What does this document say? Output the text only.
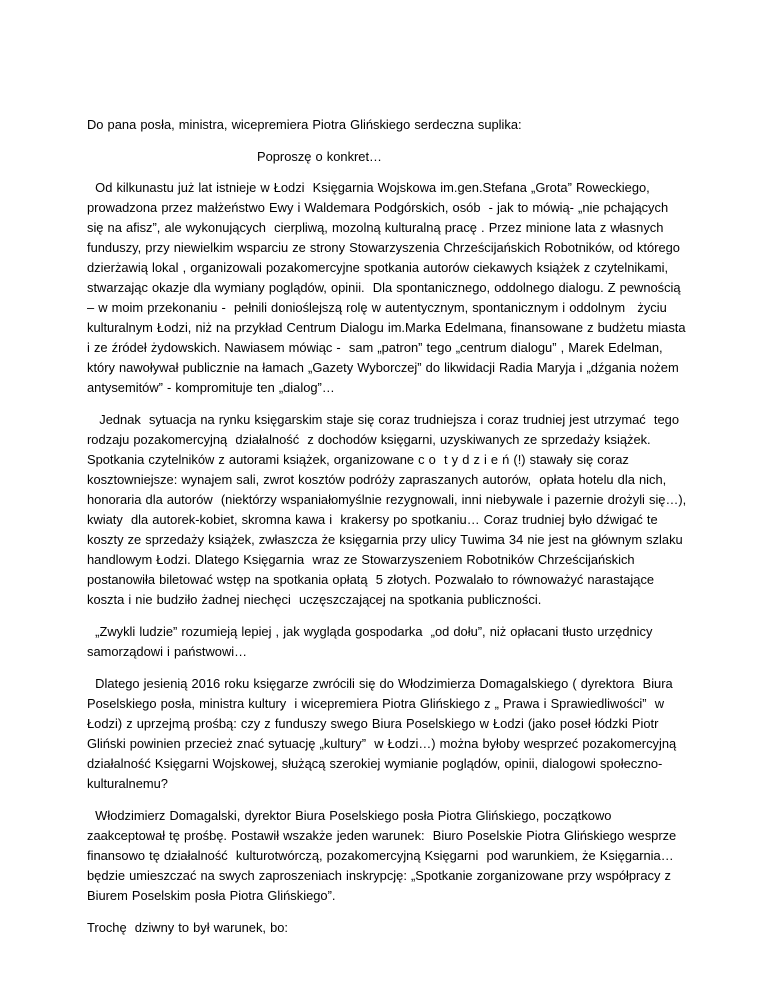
Do pana posła, ministra, wicepremiera Piotra Glińskiego serdeczna suplika:

Poproszę o konkret…

Od kilkunastu już lat istnieje w Łodzi  Księgarnia Wojskowa im.gen.Stefana „Grota” Roweckiego, prowadzona przez małżeństwo Ewy i Waldemara Podgórskich, osób  - jak to mówią- „nie pchających się na afisz”, ale wykonujących  cierpliwą, mozolną kulturalną pracę . Przez minione lata z własnych funduszy, przy niewielkim wsparciu ze strony Stowarzyszenia Chrześcijańskich Robotników, od którego dzierżawią lokal , organizowali pozakomercyjne spotkania autorów ciekawych książek z czytelnikami, stwarzając okazje dla wymiany poglądów, opinii.  Dla spontanicznego, oddolnego dialogu. Z pewnością – w moim przekonaniu -  pełnili donioślejszą rolę w autentycznym, spontanicznym i oddolnym   życiu kulturalnym Łodzi, niż na przykład Centrum Dialogu im.Marka Edelmana, finansowane z budżetu miasta i ze źródeł żydowskich. Nawiasem mówiąc -  sam „patron” tego „centrum dialogu” , Marek Edelman, który nawoływał publicznie na łamach „Gazety Wyborczej” do likwidacji Radia Maryja i „dźgania nożem antysemitów” - kompromituje ten „dialog”…

Jednak  sytuacja na rynku księgarskim staje się coraz trudniejsza i coraz trudniej jest utrzymać  tego rodzaju pozakomercyjną  działalność  z dochodów księgarni, uzyskiwanych ze sprzedaży książek. Spotkania czytelników z autorami książek, organizowane c o  t y d z i e ń (!) stawały się coraz kosztowniejsze: wynajem sali, zwrot kosztów podróży zapraszanych autorów,  opłata hotelu dla nich, honoraria dla autorów  (niektórzy wspaniałomyślnie rezygnowali, inni niebywale i pazernie drożyli się…), kwiaty  dla autorek-kobiet, skromna kawa i  krakersy po spotkaniu… Coraz trudniej było dźwigać te koszty ze sprzedaży książek, zwłaszcza że księgarnia przy ulicy Tuwima 34 nie jest na głównym szlaku handlowym Łodzi. Dlatego Księgarnia  wraz ze Stowarzyszeniem Robotników Chrześcijańskich  postanowiła biletować wstęp na spotkania opłatą  5 złotych. Pozwalało to równoważyć narastające koszta i nie budziło żadnej niechęci  uczęszczającej na spotkania publiczności.

„Zwykli ludzie” rozumieją lepiej , jak wygląda gospodarka  „od dołu”, niż opłacani tłusto urzędnicy samorządowi i państwowi…

Dlatego jesienią 2016 roku księgarze zwrócili się do Włodzimierza Domagalskiego ( dyrektora  Biura Poselskiego posła, ministra kultury  i wicepremiera Piotra Glińskiego z „ Prawa i Sprawiedliwości”  w Łodzi) z uprzejmą prośbą: czy z funduszy swego Biura Poselskiego w Łodzi (jako poseł łódzki Piotr Gliński powinien przecież znać sytuację „kultury”  w Łodzi…) można byłoby wesprzeć pozakomercyjną działalność Księgarni Wojskowej, służącą szerokiej wymianie poglądów, opinii, dialogowi społeczno-kulturalnemu?

Włodzimierz Domagalski, dyrektor Biura Poselskiego posła Piotra Glińskiego, początkowo zaakceptował tę prośbę. Postawił wszakże jeden warunek:  Biuro Poselskie Piotra Glińskiego wesprze finansowo tę działalność  kulturotwórczą, pozakomercyjną Księgarni  pod warunkiem, że Księgarnia… będzie umieszczać na swych zaproszeniach inskrypcję: „Spotkanie zorganizowane przy współpracy z Biurem Poselskim posła Piotra Glińskiego”.

Trochę  dziwny to był warunek, bo:
